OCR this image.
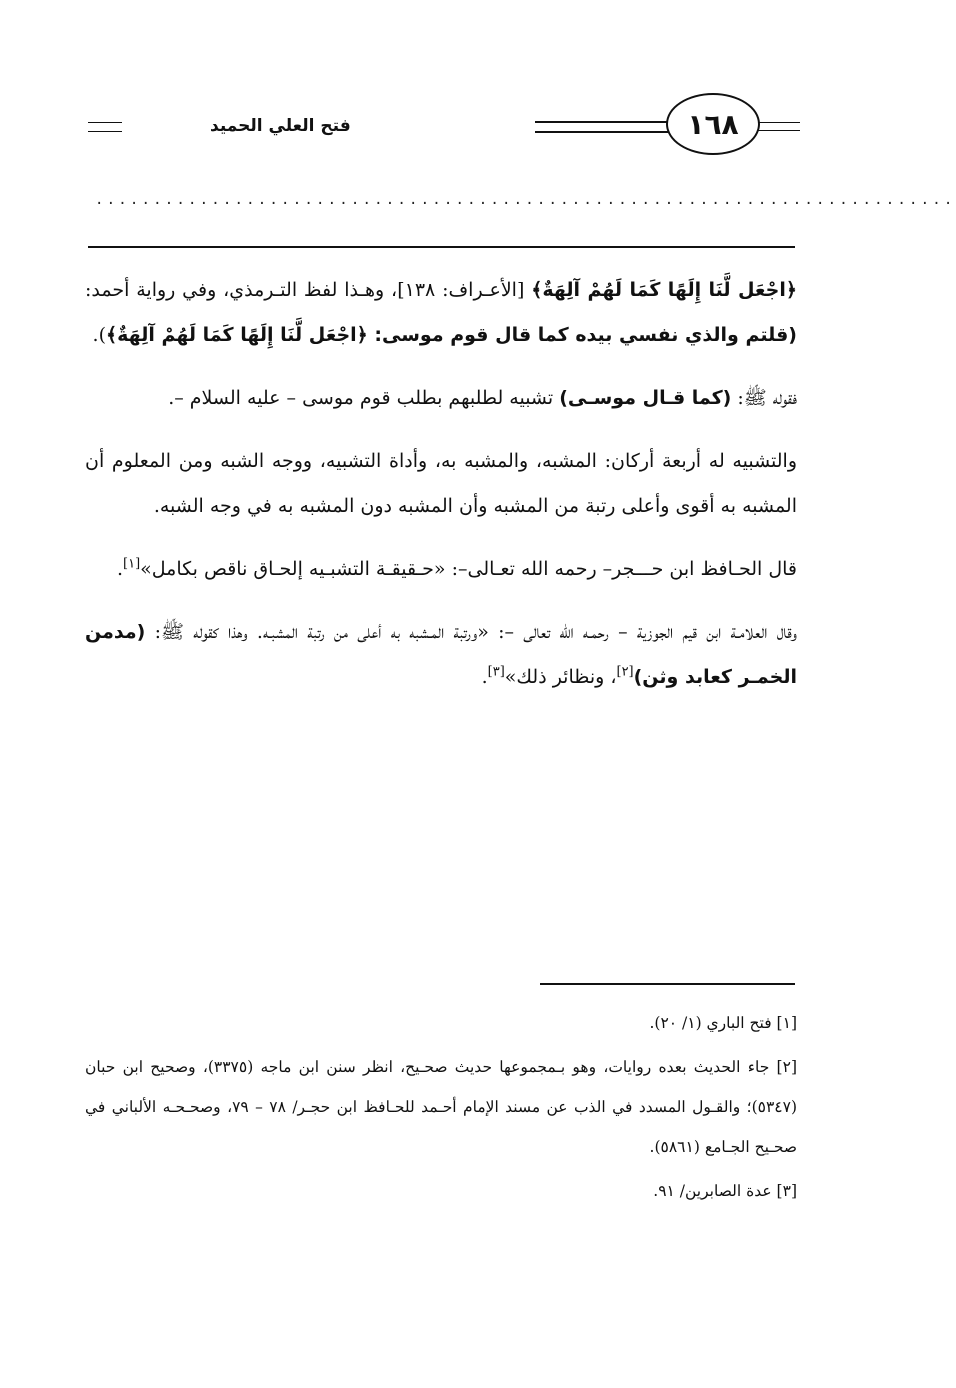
فتح العلي الحميد	١٦٨
..........................................................................

﴿اجْعَل لَّنَا إِلَهًا كَمَا لَهُمْ آلِهَةٌ﴾ [الأعـراف: ١٣٨]، وهـذا لفظ التـرمذي، وفي رواية أحمد: (قلتم والذي نفسي بيده كما قال قوم موسى: ﴿اجْعَل لَّنَا إِلَهًا كَمَا لَهُمْ آلِهَةٌ﴾).

فقوله ﷺ: (كما قـال موسـى) تشبيه لطلبهم بطلب قوم موسى – عليه السلام –.

والتشبيه له أربعة أركان: المشبه، والمشبه به، وأداة التشبيه، ووجه الشبه ومن المعلوم أن المشبه به أقوى وأعلى رتبة من المشبه وأن المشبه دون المشبه به في وجه الشبه.

قال الحـافظ ابن حـــجر– رحمه الله تعـالى–: «حـقيقـة التشبـيه إلحـاق ناقص بكامل»[١].

وقال العلامـة ابن قيم الجوزية – رحمـه الله تعالى –: «ورتبة المـشبه به أعلى من رتبة المشبـه. وهذا كقوله ﷺ: (مدمن الخمـر كعابد وثن)[٢]، ونظائر ذلك»[٣].

[١] فتح الباري (١/ ٢٠).

[٢] جاء الحديث بعده روايات، وهو بـمجموعها حديث صحـيح، انظر سنن ابن ماجه (٣٣٧٥)، وصحيح ابن حبان (٥٣٤٧)؛ والقـول المسدد في الذب عن مسند الإمام أحـمد للحـافظ ابن حجـر/ ٧٨ – ٧٩، وصحـحـه الألباني في صحـيح الجـامع (٥٨٦١).

[٣] عدة الصابرين/ ٩١.
